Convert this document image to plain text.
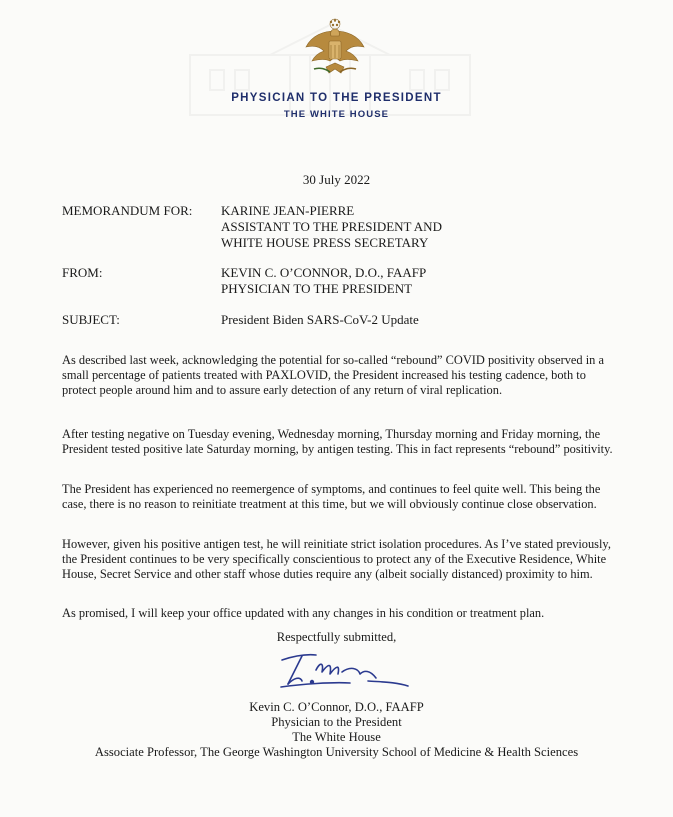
PHYSICIAN TO THE PRESIDENT
THE WHITE HOUSE
30 July 2022
MEMORANDUM FOR: KARINE JEAN-PIERRE
ASSISTANT TO THE PRESIDENT AND
WHITE HOUSE PRESS SECRETARY
FROM:	KEVIN C. O’CONNOR, D.O., FAAFP
PHYSICIAN TO THE PRESIDENT
SUBJECT:	President Biden SARS-CoV-2 Update
As described last week, acknowledging the potential for so-called “rebound” COVID positivity observed in a small percentage of patients treated with PAXLOVID, the President increased his testing cadence, both to protect people around him and to assure early detection of any return of viral replication.
After testing negative on Tuesday evening, Wednesday morning, Thursday morning and Friday morning, the President tested positive late Saturday morning, by antigen testing. This in fact represents “rebound” positivity.
The President has experienced no reemergence of symptoms, and continues to feel quite well. This being the case, there is no reason to reinitiate treatment at this time, but we will obviously continue close observation.
However, given his positive antigen test, he will reinitiate strict isolation procedures. As I’ve stated previously, the President continues to be very specifically conscientious to protect any of the Executive Residence, White House, Secret Service and other staff whose duties require any (albeit socially distanced) proximity to him.
As promised, I will keep your office updated with any changes in his condition or treatment plan.
Respectfully submitted,
Kevin C. O’Connor, D.O., FAAFP
Physician to the President
The White House
Associate Professor, The George Washington University School of Medicine & Health Sciences
